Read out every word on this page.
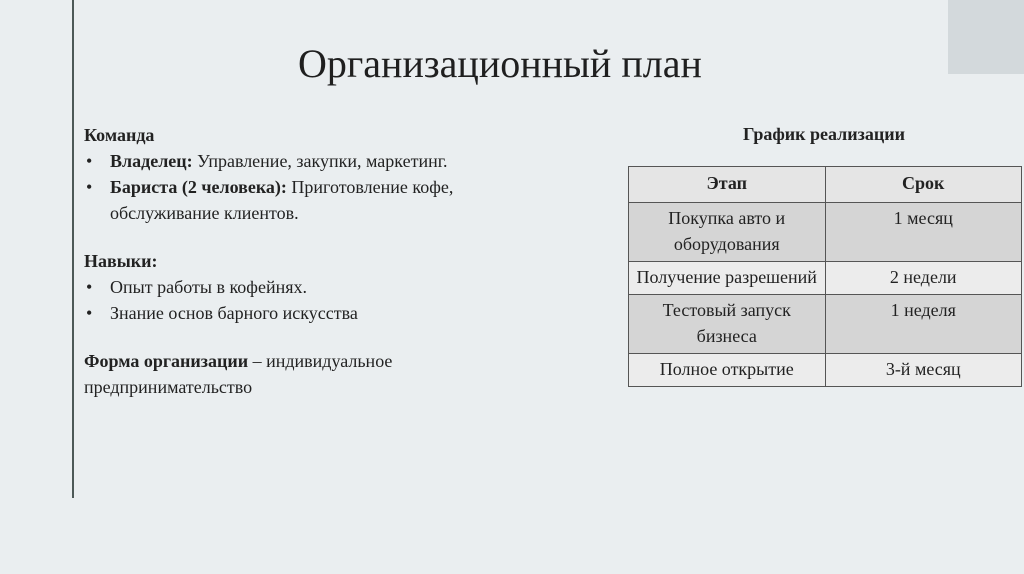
Организационный план
Команда
• Владелец: Управление, закупки, маркетинг.
• Бариста (2 человека): Приготовление кофе, обслуживание клиентов.
Навыки:
• Опыт работы в кофейнях.
• Знание основ барного искусства
Форма организации – индивидуальное предпринимательство
График реализации
Этап	Срок
Покупка авто и оборудования	1 месяц
Получение разрешений	2 недели
Тестовый запуск бизнеса	1 неделя
Полное открытие	3-й месяц
